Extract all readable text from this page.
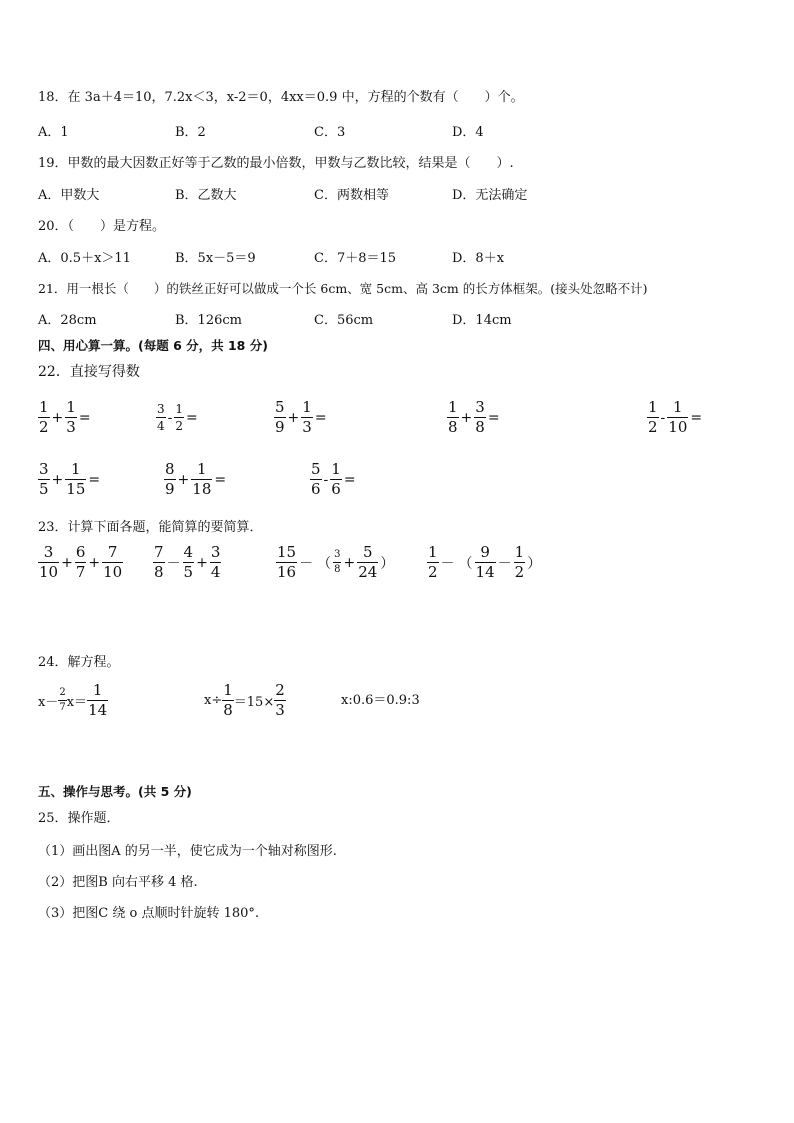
18．在 3a＋4＝10，7.2x＜3，x-2＝0，4xx＝0.9 中，方程的个数有（　　）个。
A．1	B．2	C．3	D．4
19．甲数的最大因数正好等于乙数的最小倍数，甲数与乙数比较，结果是（　　）.
A．甲数大	B．乙数大	C．两数相等	D．无法确定
20．（　　）是方程。
A．0.5＋x＞11	B．5x－5＝9	C．7＋8＝15	D．8＋x
21．用一根长（　　）的铁丝正好可以做成一个长 6cm、宽 5cm、高 3cm 的长方体框架。(接头处忽略不计)
A．28cm	B．126cm	C．56cm	D．14cm
四、用心算一算。(每题 6 分，共 18 分)
22．直接写得数
$\frac{1}{2} + \frac{1}{3}$ =	$\frac{3}{4} - \frac{1}{2}$ =	$\frac{5}{9} + \frac{1}{3}$ =	$\frac{1}{8} + \frac{3}{8}$ =	$\frac{1}{2} - \frac{1}{10}$ =
$\frac{3}{5} + \frac{1}{15}$ =	$\frac{8}{9} + \frac{1}{18}$ =	$\frac{5}{6} - \frac{1}{6}$ =
23．计算下面各题，能简算的要简算．
$\frac{3}{10} + \frac{6}{7} + \frac{7}{10} \frac{7}{8} - \frac{4}{5} + \frac{3}{4}$	$\frac{15}{16}$ － （ $\frac{3}{8} + \frac{5}{24}$ ） $\frac{1}{2}$ － （ $\frac{9}{14} - \frac{1}{2}$ ）
24．解方程。
$x- \frac{2}{7} x= \frac{1}{14}$	$x\div \frac{1}{8} =15\times \frac{2}{3}$	x:0.6＝0.9:3
五、操作与思考。(共 5 分)
25．操作题．
（1）画出图A 的另一半，使它成为一个轴对称图形.
（2）把图B 向右平移 4 格.
（3）把图C 绕 o 点顺时针旋转 180°.
